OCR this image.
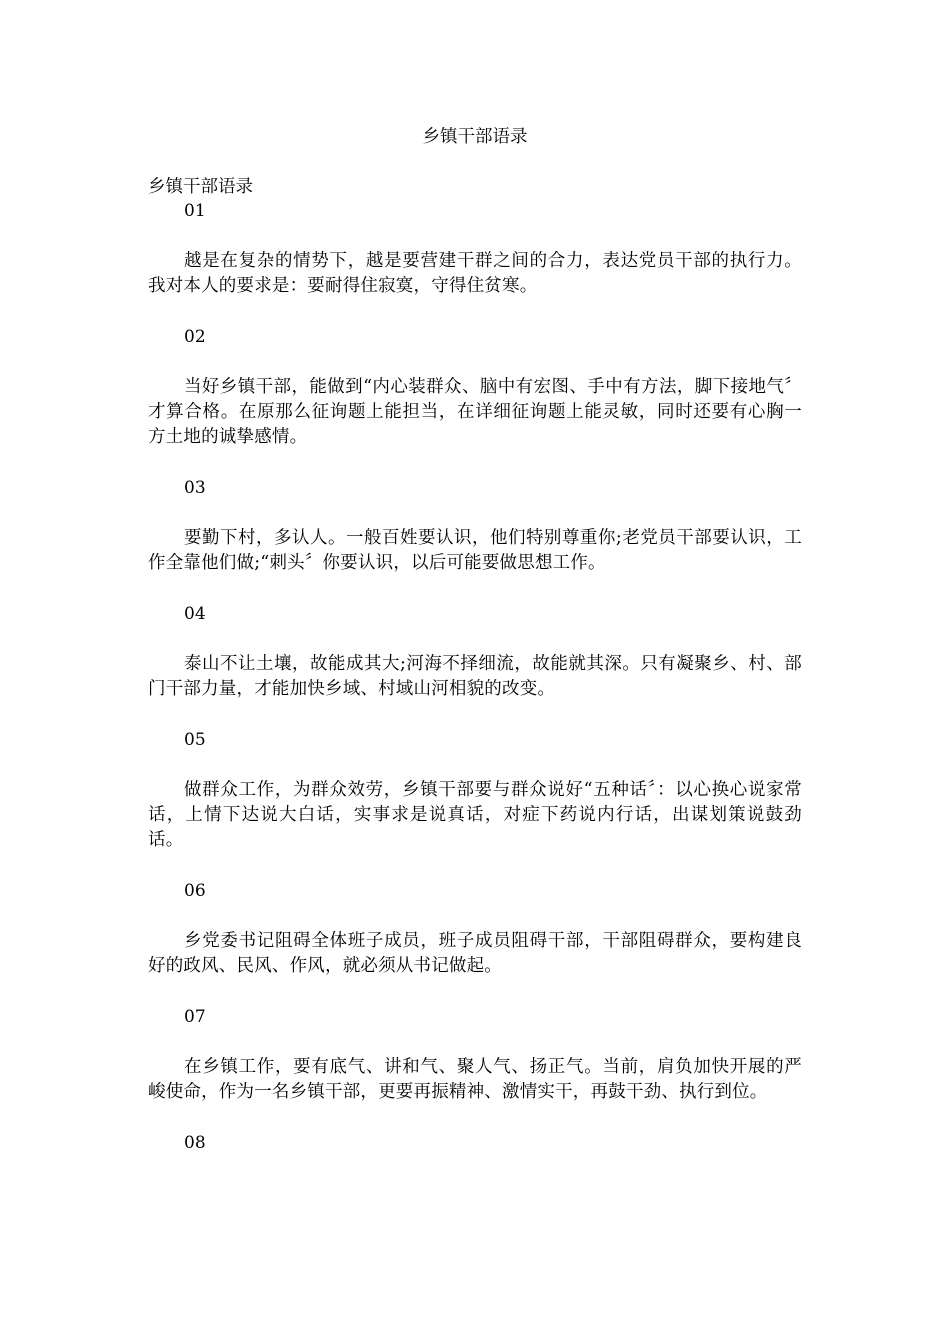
乡镇干部语录
乡镇干部语录

01

越是在复杂的情势下，越是要营建干群之间的合力，表达党员干部的执行力。我对本人的要求是：要耐得住寂寞，守得住贫寒。

02

当好乡镇干部，能做到“内心装群众、脑中有宏图、手中有方法，脚下接地气〞才算合格。在原那么征询题上能担当，在详细征询题上能灵敏，同时还要有心胸一方土地的诚挚感情。

03

要勤下村，多认人。一般百姓要认识，他们特别尊重你;老党员干部要认识，工作全靠他们做;“刺头〞你要认识，以后可能要做思想工作。

04

泰山不让土壤，故能成其大;河海不择细流，故能就其深。只有凝聚乡、村、部门干部力量，才能加快乡域、村域山河相貌的改变。

05

做群众工作，为群众效劳，乡镇干部要与群众说好“五种话〞：以心换心说家常话，上情下达说大白话，实事求是说真话，对症下药说内行话，出谋划策说鼓劲话。

06

乡党委书记阻碍全体班子成员，班子成员阻碍干部，干部阻碍群众，要构建良好的政风、民风、作风，就必须从书记做起。

07

在乡镇工作，要有底气、讲和气、聚人气、扬正气。当前，肩负加快开展的严峻使命，作为一名乡镇干部，更要再振精神、激情实干，再鼓干劲、执行到位。

08
